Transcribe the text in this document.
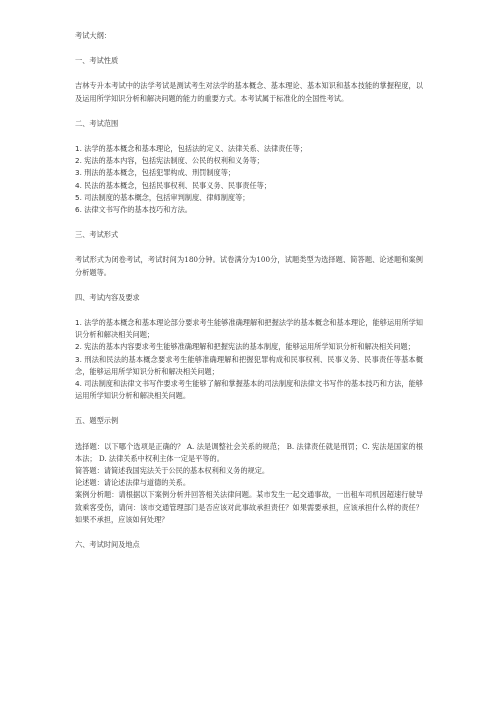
考试大纲：
一、考试性质
吉林专升本考试中的法学考试是测试考生对法学的基本概念、基本理论、基本知识和基本技能的掌握程度，以及运用所学知识分析和解决问题的能力的重要方式。本考试属于标准化的全国性考试。
二、考试范围
1. 法学的基本概念和基本理论，包括法的定义、法律关系、法律责任等；
2. 宪法的基本内容，包括宪法制度、公民的权利和义务等；
3. 刑法的基本概念，包括犯罪构成、刑罚制度等；
4. 民法的基本概念，包括民事权利、民事义务、民事责任等；
5. 司法制度的基本概念，包括审判制度、律师制度等；
6. 法律文书写作的基本技巧和方法。
三、考试形式
考试形式为闭卷考试，考试时间为180分钟。试卷满分为100分，试题类型为选择题、简答题、论述题和案例分析题等。
四、考试内容及要求
1. 法学的基本概念和基本理论部分要求考生能够准确理解和把握法学的基本概念和基本理论，能够运用所学知识分析和解决相关问题；
2. 宪法的基本内容要求考生能够准确理解和把握宪法的基本制度，能够运用所学知识分析和解决相关问题；
3. 刑法和民法的基本概念要求考生能够准确理解和把握犯罪构成和民事权利、民事义务、民事责任等基本概念，能够运用所学知识分析和解决相关问题；
4. 司法制度和法律文书写作要求考生能够了解和掌握基本的司法制度和法律文书写作的基本技巧和方法，能够运用所学知识分析和解决相关问题。
五、题型示例
选择题：以下哪个选项是正确的？ A. 法是调整社会关系的规范； B. 法律责任就是刑罚；C. 宪法是国家的根本法； D. 法律关系中权利主体一定是平等的。
简答题：请简述我国宪法关于公民的基本权利和义务的规定。
论述题：请论述法律与道德的关系。
案例分析题：请根据以下案例分析并回答相关法律问题。某市发生一起交通事故，一出租车司机因超速行驶导致乘客受伤，请问：该市交通管理部门是否应该对此事故承担责任？如果需要承担，应该承担什么样的责任？如果不承担，应该如何处理？
六、考试时间及地点
